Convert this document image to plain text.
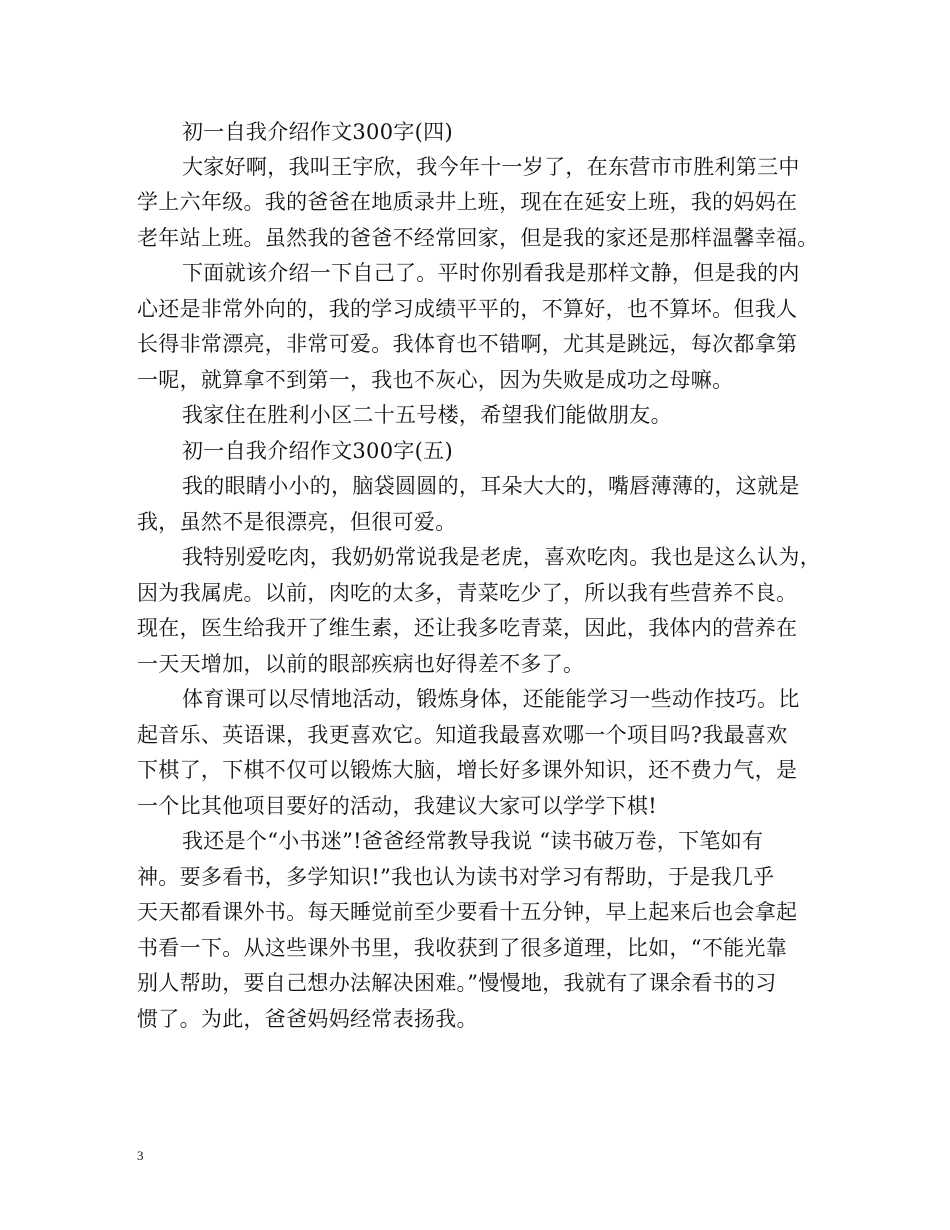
初一自我介绍作文300字(四)
大家好啊，我叫王宇欣，我今年十一岁了，在东营市市胜利第三中
学上六年级。我的爸爸在地质录井上班，现在在延安上班，我的妈妈在
老年站上班。虽然我的爸爸不经常回家，但是我的家还是那样温馨幸福。
下面就该介绍一下自己了。平时你别看我是那样文静，但是我的内
心还是非常外向的，我的学习成绩平平的，不算好，也不算坏。但我人
长得非常漂亮，非常可爱。我体育也不错啊，尤其是跳远，每次都拿第
一呢，就算拿不到第一，我也不灰心，因为失败是成功之母嘛。
我家住在胜利小区二十五号楼，希望我们能做朋友。
初一自我介绍作文300字(五)
我的眼睛小小的，脑袋圆圆的，耳朵大大的，嘴唇薄薄的，这就是
我，虽然不是很漂亮，但很可爱。
我特别爱吃肉，我奶奶常说我是老虎，喜欢吃肉。我也是这么认为，
因为我属虎。以前，肉吃的太多，青菜吃少了，所以我有些营养不良。
现在，医生给我开了维生素，还让我多吃青菜，因此，我体内的营养在
一天天增加，以前的眼部疾病也好得差不多了。
体育课可以尽情地活动，锻炼身体，还能能学习一些动作技巧。比
起音乐、英语课，我更喜欢它。知道我最喜欢哪一个项目吗?我最喜欢
下棋了，下棋不仅可以锻炼大脑，增长好多课外知识，还不费力气，是
一个比其他项目要好的活动，我建议大家可以学学下棋!
我还是个“小书迷”!爸爸经常教导我说 “读书破万卷，下笔如有
神。要多看书，多学知识!”我也认为读书对学习有帮助，于是我几乎
天天都看课外书。每天睡觉前至少要看十五分钟，早上起来后也会拿起
书看一下。从这些课外书里，我收获到了很多道理，比如，“不能光靠
别人帮助，要自己想办法解决困难。”慢慢地，我就有了课余看书的习
惯了。为此，爸爸妈妈经常表扬我。
3
